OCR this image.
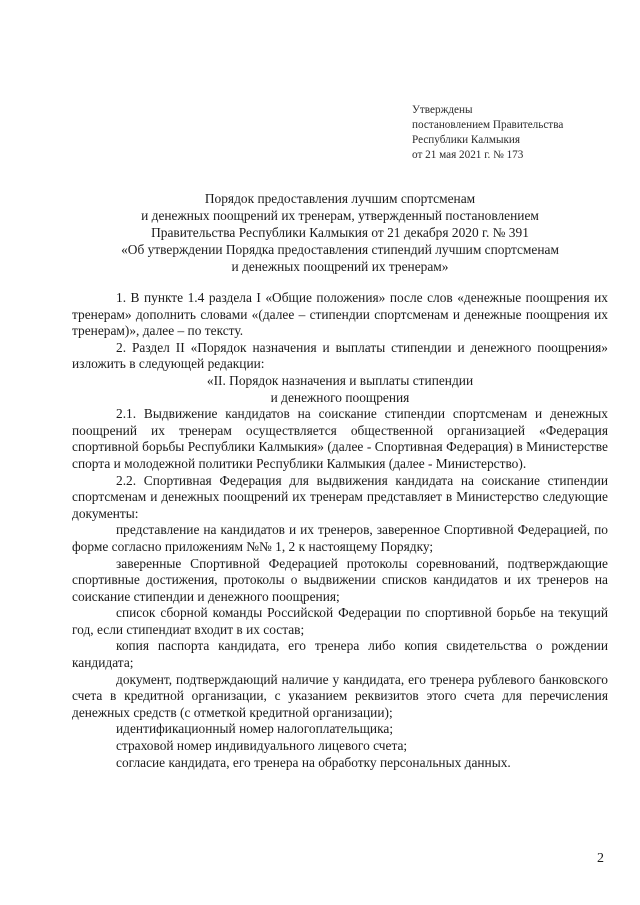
Утверждены
постановлением Правительства
Республики Калмыкия
от 21 мая 2021 г. № 173
Порядок предоставления лучшим спортсменам
и денежных поощрений их тренерам, утвержденный постановлением
Правительства Республики Калмыкия от 21 декабря 2020 г. № 391
«Об утверждении Порядка предоставления стипендий лучшим спортсменам
и денежных поощрений их тренерам»

1. В пункте 1.4 раздела I «Общие положения» после слов «денежные поощрения их тренерам» дополнить словами «(далее – стипендии спортсменам и денежные поощрения их тренерам)», далее – по тексту.

2. Раздел II «Порядок назначения и выплаты стипендии и денежного поощрения» изложить в следующей редакции:

«II. Порядок назначения и выплаты стипендии
и денежного поощрения

2.1. Выдвижение кандидатов на соискание стипендии спортсменам и денежных поощрений их тренерам осуществляется общественной организацией «Федерация спортивной борьбы Республики Калмыкия» (далее - Спортивная Федерация) в Министерстве спорта и молодежной политики Республики Калмыкия (далее - Министерство).

2.2. Спортивная Федерация для выдвижения кандидата на соискание стипендии спортсменам и денежных поощрений их тренерам представляет в Министерство следующие документы:

представление на кандидатов и их тренеров, заверенное Спортивной Федерацией, по форме согласно приложениям №№ 1, 2 к настоящему Порядку;

заверенные Спортивной Федерацией протоколы соревнований, подтверждающие спортивные достижения, протоколы о выдвижении списков кандидатов и их тренеров на соискание стипендии и денежного поощрения;

список сборной команды Российской Федерации по спортивной борьбе на текущий год, если стипендиат входит в их состав;

копия паспорта кандидата, его тренера либо копия свидетельства о рождении кандидата;

документ, подтверждающий наличие у кандидата, его тренера рублевого банковского счета в кредитной организации, с указанием реквизитов этого счета для перечисления денежных средств (с отметкой кредитной организации);

идентификационный номер налогоплательщика;

страховой номер индивидуального лицевого счета;

согласие кандидата, его тренера на обработку персональных данных.

2
